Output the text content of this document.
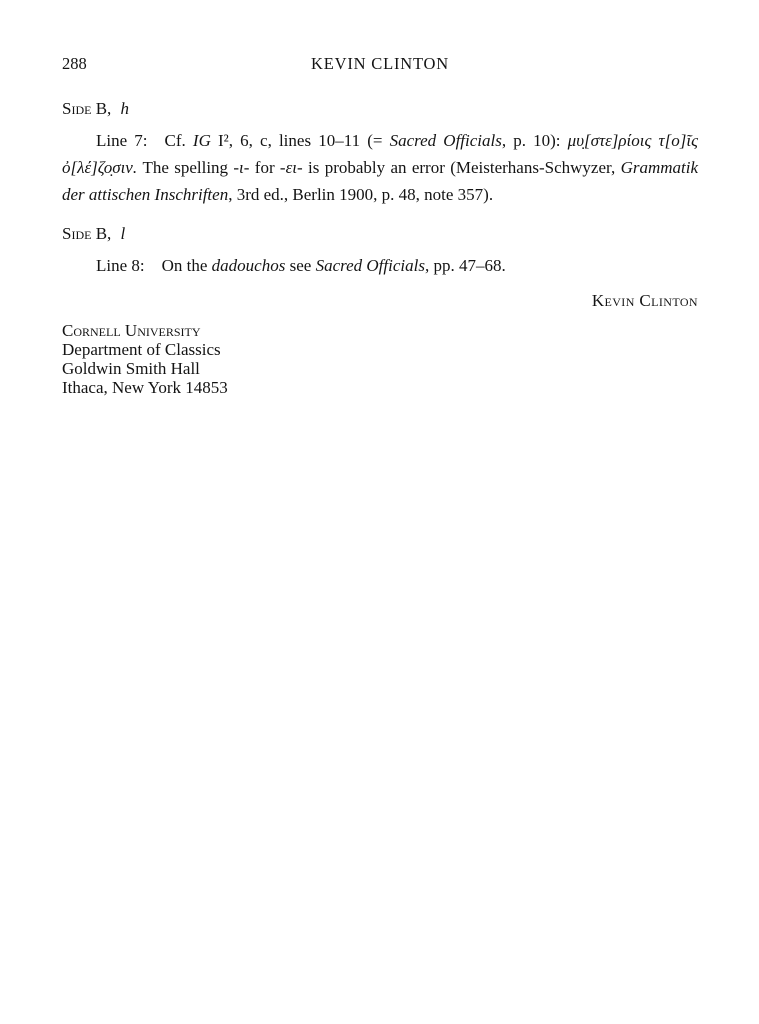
288	KEVIN CLINTON
Side B, h

Line 7: Cf. IG I², 6, c, lines 10–11 (= Sacred Officials, p. 10): μυ̣[στε]ρίοις τ[ο]ῖς ὀ[λέ]ζο̣σιν. The spelling -ι- for -ει- is probably an error (Meisterhans-Schwyzer, Grammatik der attischen Inschriften, 3rd ed., Berlin 1900, p. 48, note 357).

Side B, l

Line 8: On the dadouchos see Sacred Officials, pp. 47–68.

Kevin Clinton

Cornell University
Department of Classics
Goldwin Smith Hall
Ithaca, New York 14853
